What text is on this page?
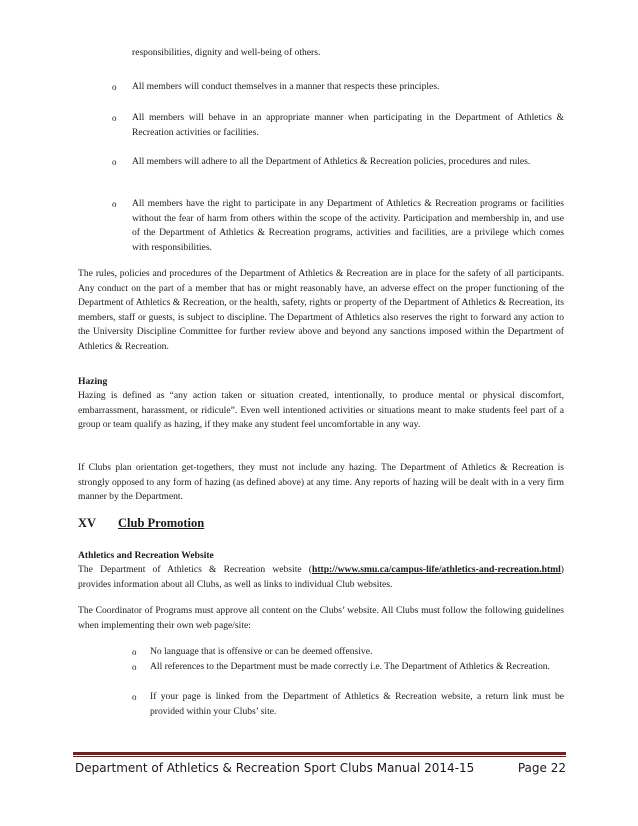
responsibilities, dignity and well-being of others.
o All members will conduct themselves in a manner that respects these principles.
o All members will behave in an appropriate manner when participating in the Department of Athletics & Recreation activities or facilities.
o All members will adhere to all the Department of Athletics & Recreation policies, procedures and rules.
o All members have the right to participate in any Department of Athletics & Recreation programs or facilities without the fear of harm from others within the scope of the activity. Participation and membership in, and use of the Department of Athletics & Recreation programs, activities and facilities, are a privilege which comes with responsibilities.
The rules, policies and procedures of the Department of Athletics & Recreation are in place for the safety of all participants. Any conduct on the part of a member that has or might reasonably have, an adverse effect on the proper functioning of the Department of Athletics & Recreation, or the health, safety, rights or property of the Department of Athletics & Recreation, its members, staff or guests, is subject to discipline. The Department of Athletics also reserves the right to forward any action to the University Discipline Committee for further review above and beyond any sanctions imposed within the Department of Athletics & Recreation.
Hazing
Hazing is defined as “any action taken or situation created, intentionally, to produce mental or physical discomfort, embarrassment, harassment, or ridicule”. Even well intentioned activities or situations meant to make students feel part of a group or team qualify as hazing, if they make any student feel uncomfortable in any way.
If Clubs plan orientation get-togethers, they must not include any hazing. The Department of Athletics & Recreation is strongly opposed to any form of hazing (as defined above) at any time. Any reports of hazing will be dealt with in a very firm manner by the Department.
XV Club Promotion
Athletics and Recreation Website
The Department of Athletics & Recreation website (http://www.smu.ca/campus-life/athletics-and-recreation.html) provides information about all Clubs, as well as links to individual Club websites.
The Coordinator of Programs must approve all content on the Clubs’ website. All Clubs must follow the following guidelines when implementing their own web page/site:
o No language that is offensive or can be deemed offensive.
o All references to the Department must be made correctly i.e. The Department of Athletics & Recreation.
o If your page is linked from the Department of Athletics & Recreation website, a return link must be provided within your Clubs’ site.
Department of Athletics & Recreation Sport Clubs Manual 2014-15	Page 22
